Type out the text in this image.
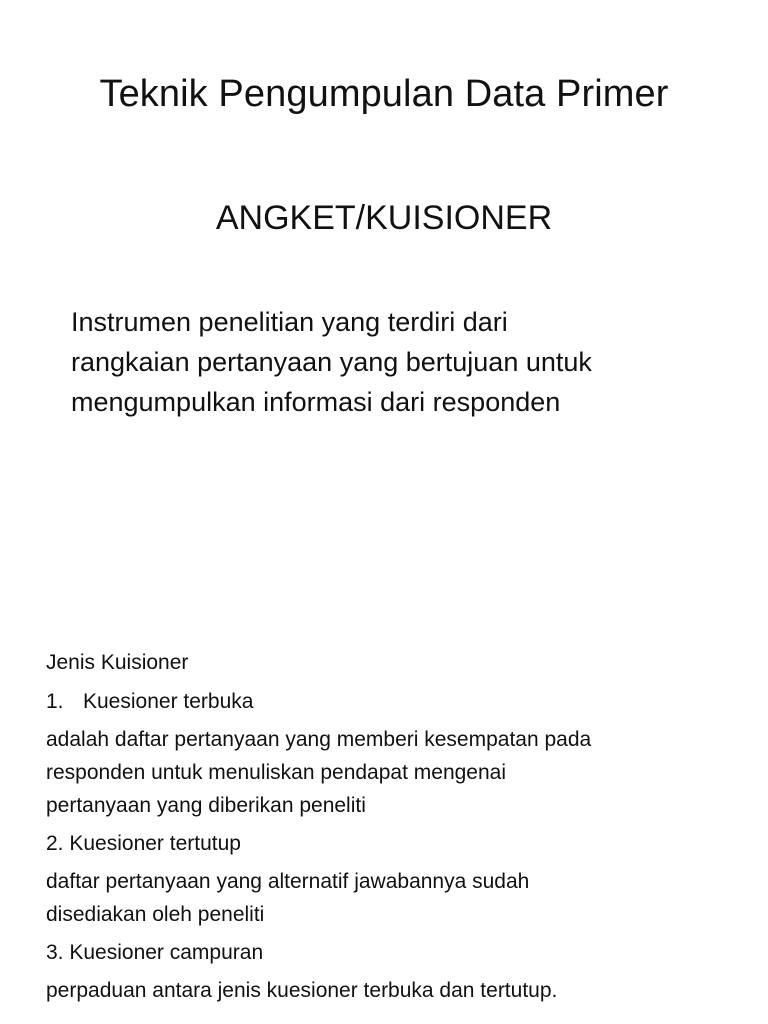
Teknik Pengumpulan Data Primer
ANGKET/KUISIONER
Instrumen penelitian yang terdiri dari
rangkaian pertanyaan yang bertujuan untuk
mengumpulkan informasi dari responden
Jenis Kuisioner
1. Kuesioner terbuka
adalah daftar pertanyaan yang memberi kesempatan pada
responden untuk menuliskan pendapat mengenai
pertanyaan yang diberikan peneliti
2. Kuesioner tertutup
daftar pertanyaan yang alternatif jawabannya sudah
disediakan oleh peneliti
3. Kuesioner campuran
perpaduan antara jenis kuesioner terbuka dan tertutup.
